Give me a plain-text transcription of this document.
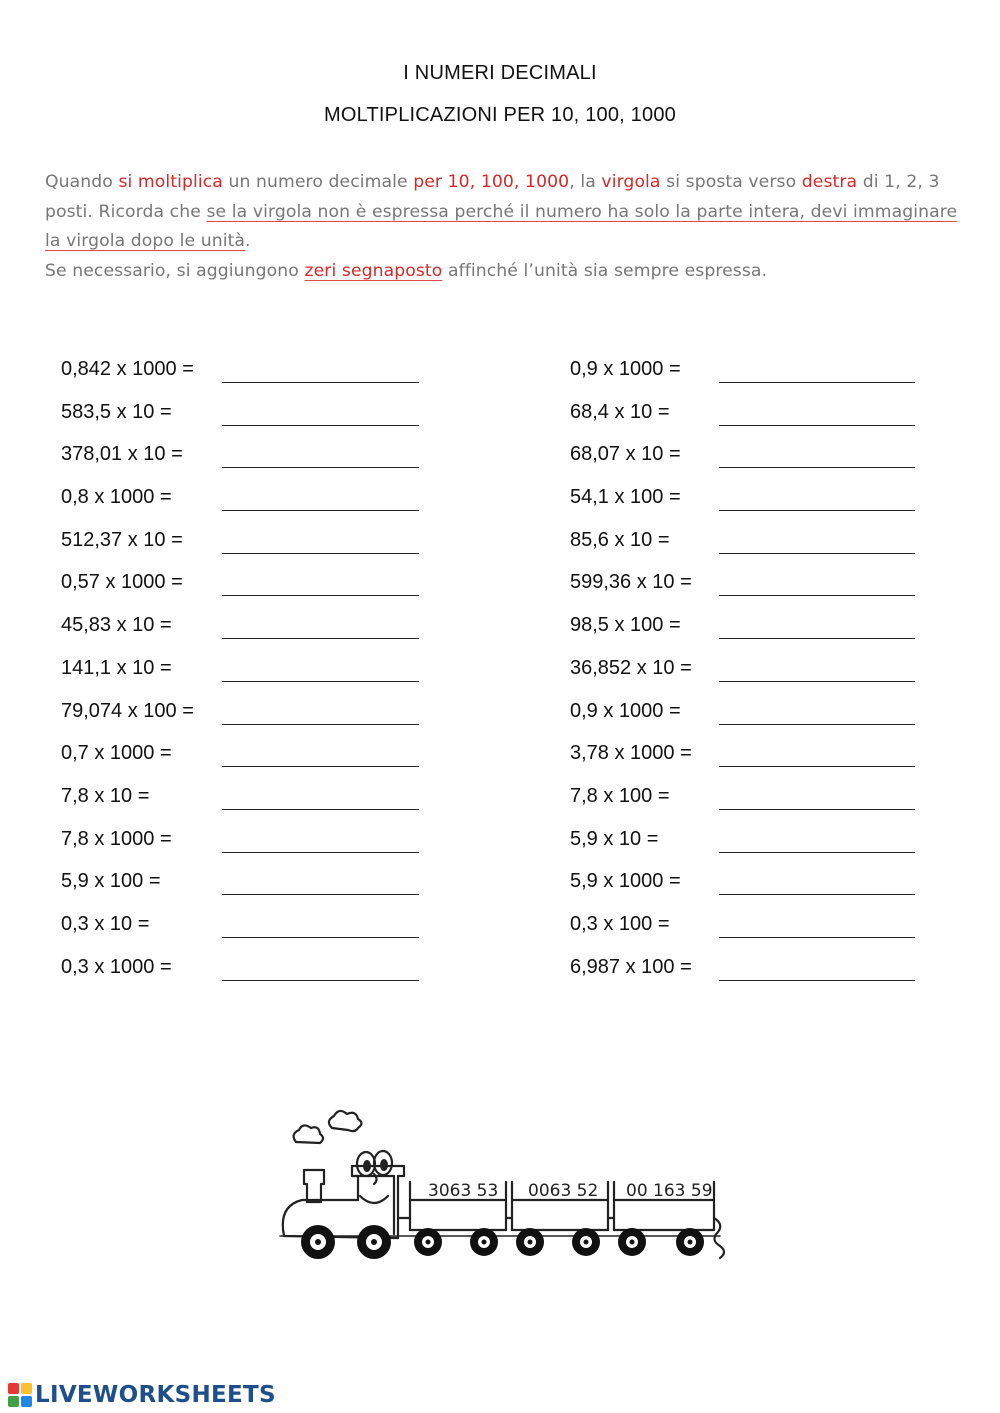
I NUMERI DECIMALI
MOLTIPLICAZIONI PER 10, 100, 1000
Quando si moltiplica un numero decimale per 10, 100, 1000, la virgola si sposta verso destra di 1, 2, 3 posti. Ricorda che se la virgola non è espressa perché il numero ha solo la parte intera, devi immaginare la virgola dopo le unità.
Se necessario, si aggiungono zeri segnaposto affinché l’unità sia sempre espressa.
0,842 x 1000 =
583,5 x 10 =
378,01 x 10 =
0,8 x 1000 =
512,37 x 10 =
0,57 x 1000 =
45,83 x 10 =
141,1 x 10 =
79,074 x 100 =
0,7 x 1000 =
7,8 x 10 =
7,8 x 1000 =
5,9 x 100 =
0,3 x 10 =
0,3 x 1000 =
0,9 x 1000 =
68,4 x 10 =
68,07 x 10 =
54,1 x 100 =
85,6 x 10 =
599,36 x 10 =
98,5 x 100 =
36,852 x 10 =
0,9 x 1000 =
3,78 x 1000 =
7,8 x 100 =
5,9 x 10 =
5,9 x 1000 =
0,3 x 100 =
6,987 x 100 =
3063 53 0063 52 00 163 59
LIVEWORKSHEETS
